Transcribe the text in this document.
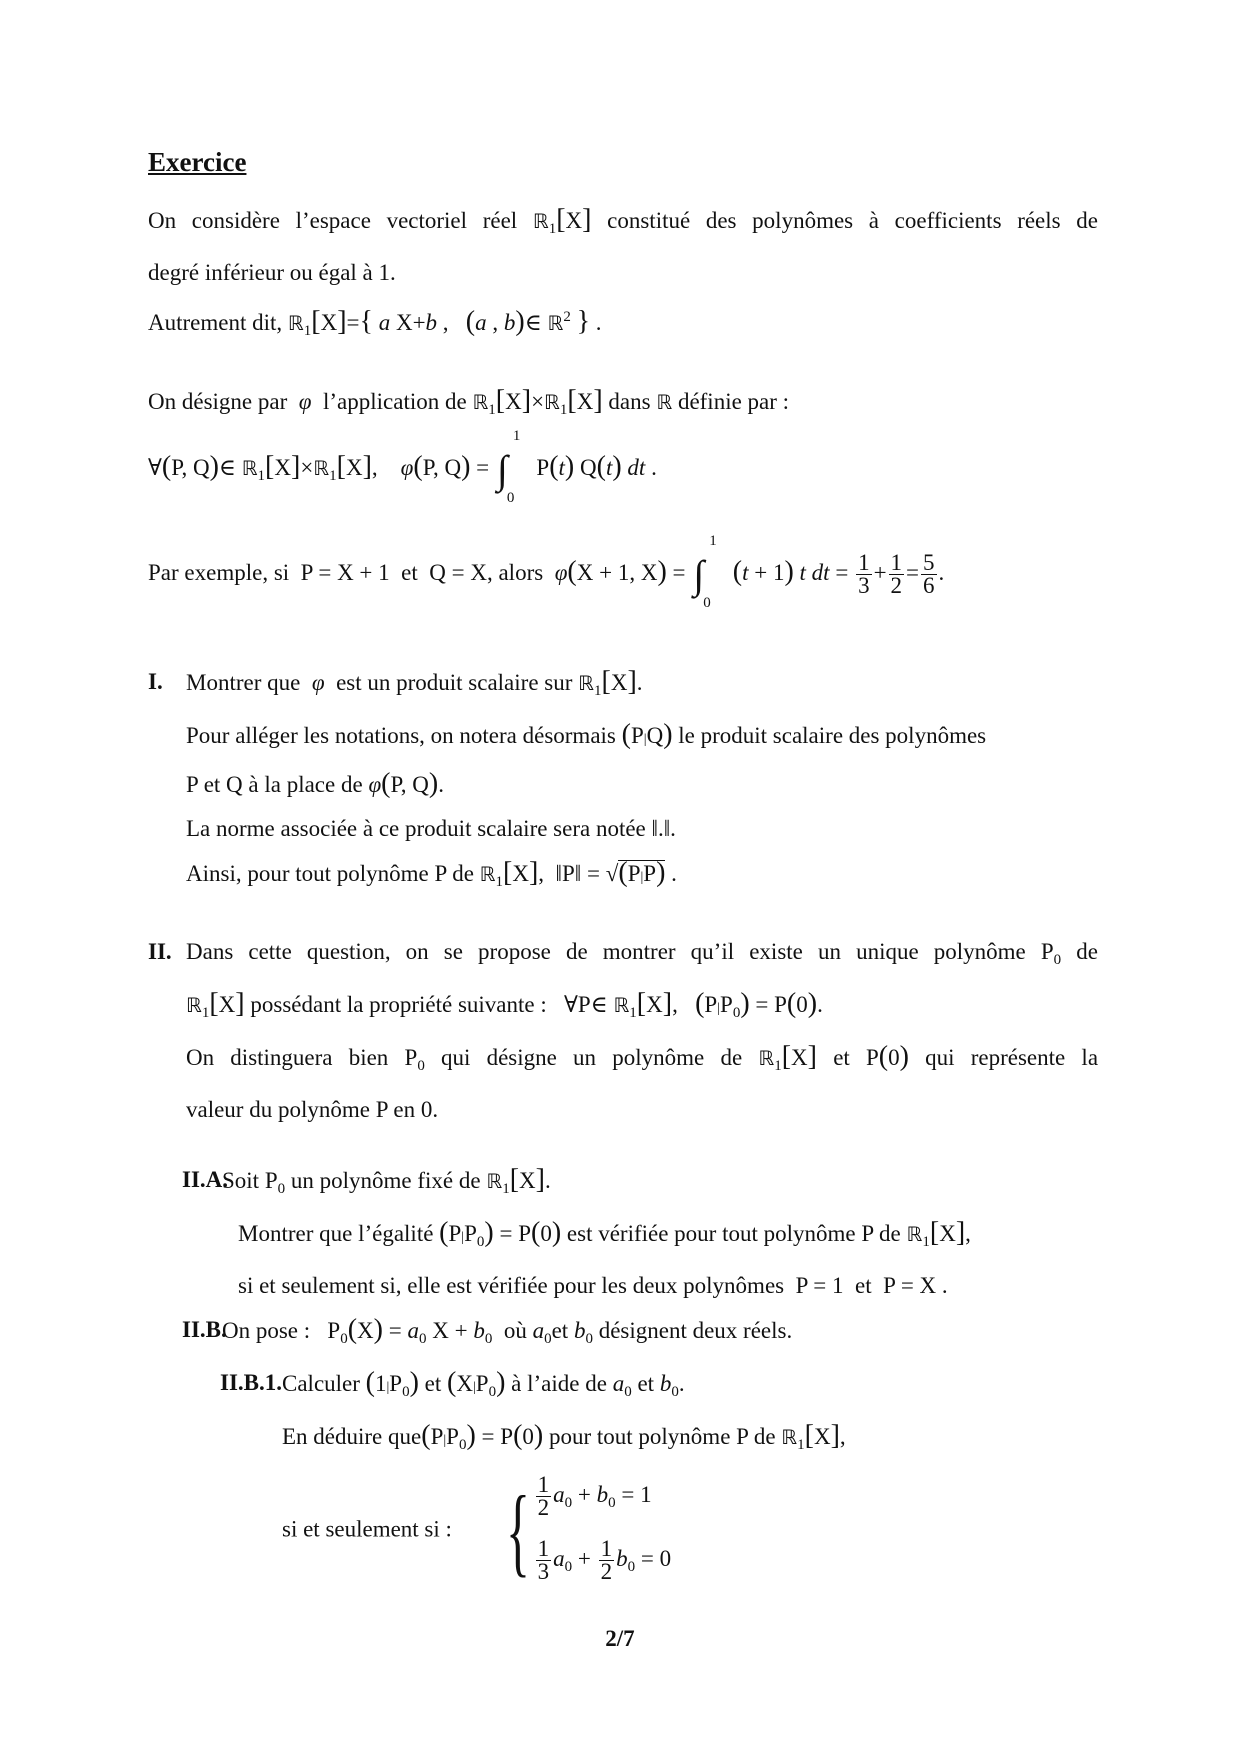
Exercice
On considère l’espace vectoriel réel ℝ$_1$[X] constitué des polynômes à coefficients réels de
degré inférieur ou égal à 1.
Autrement dit, ℝ$_1$[X]={ a X+b ,   (a , b)∈ ℝ$^2$ } .
On désigne par  φ  l’application de ℝ$_1$[X]×ℝ$_1$[X] dans ℝ définie par :
∀(P, Q)∈ ℝ$_1$[X]×ℝ$_1$[X],    φ(P, Q) = ∫
1
0
P(t) Q(t) dt .
Par exemple, si  P = X + 1  et  Q = X, alors φ(X + 1, X) = ∫
1
0
(t + 1) t dt = $\frac{1}{3} + \frac{1}{2} = \frac{5}{6}$ .
I. Montrer que  φ  est un produit scalaire sur ℝ$_1$[X].
Pour alléger les notations, on notera désormais (P|Q) le produit scalaire des polynômes
P et Q à la place de φ(P, Q).
La norme associée à ce produit scalaire sera notée ‖.‖.
Ainsi, pour tout polynôme P de ℝ$_1$[X],  ‖P‖ = √(P|P) .
II. Dans cette question, on se propose de montrer qu’il existe un unique polynôme $P_0$ de
ℝ$_1$[X] possédant la propriété suivante :   ∀P∈ ℝ$_1$[X],   $(P|P_0) = P(0)$.
On distinguera bien $P_0$ qui désigne un polynôme de ℝ$_1$[X] et P(0) qui représente la
valeur du polynôme P en 0.
II.A.
Soit $P_0$ un polynôme fixé de ℝ$_1$[X].
Montrer que l’égalité $(P|P_0) = P(0)$ est vérifiée pour tout polynôme P de ℝ$_1$[X],
si et seulement si, elle est vérifiée pour les deux polynômes  P = 1  et  P = X .
II.B.
On pose :   $P_0(X) = a_0$ $X + b_0$ où $a_0et$ $b_0$ désignent deux réels.
II.B.1. Calculer $(1|P_0)$ et $(X|P_0)$ à l’aide de $a_0$ et $b_0$.
En déduire $que(P|P_0) = P(0)$ pour tout polynôme P de ℝ$_1$[X],
si et seulement si : { $\frac{1}{2} a_0 + b_0 = 1$
$\frac{1}{3} a_0 + \frac{1}{2} b_0 = 0$
2/7
